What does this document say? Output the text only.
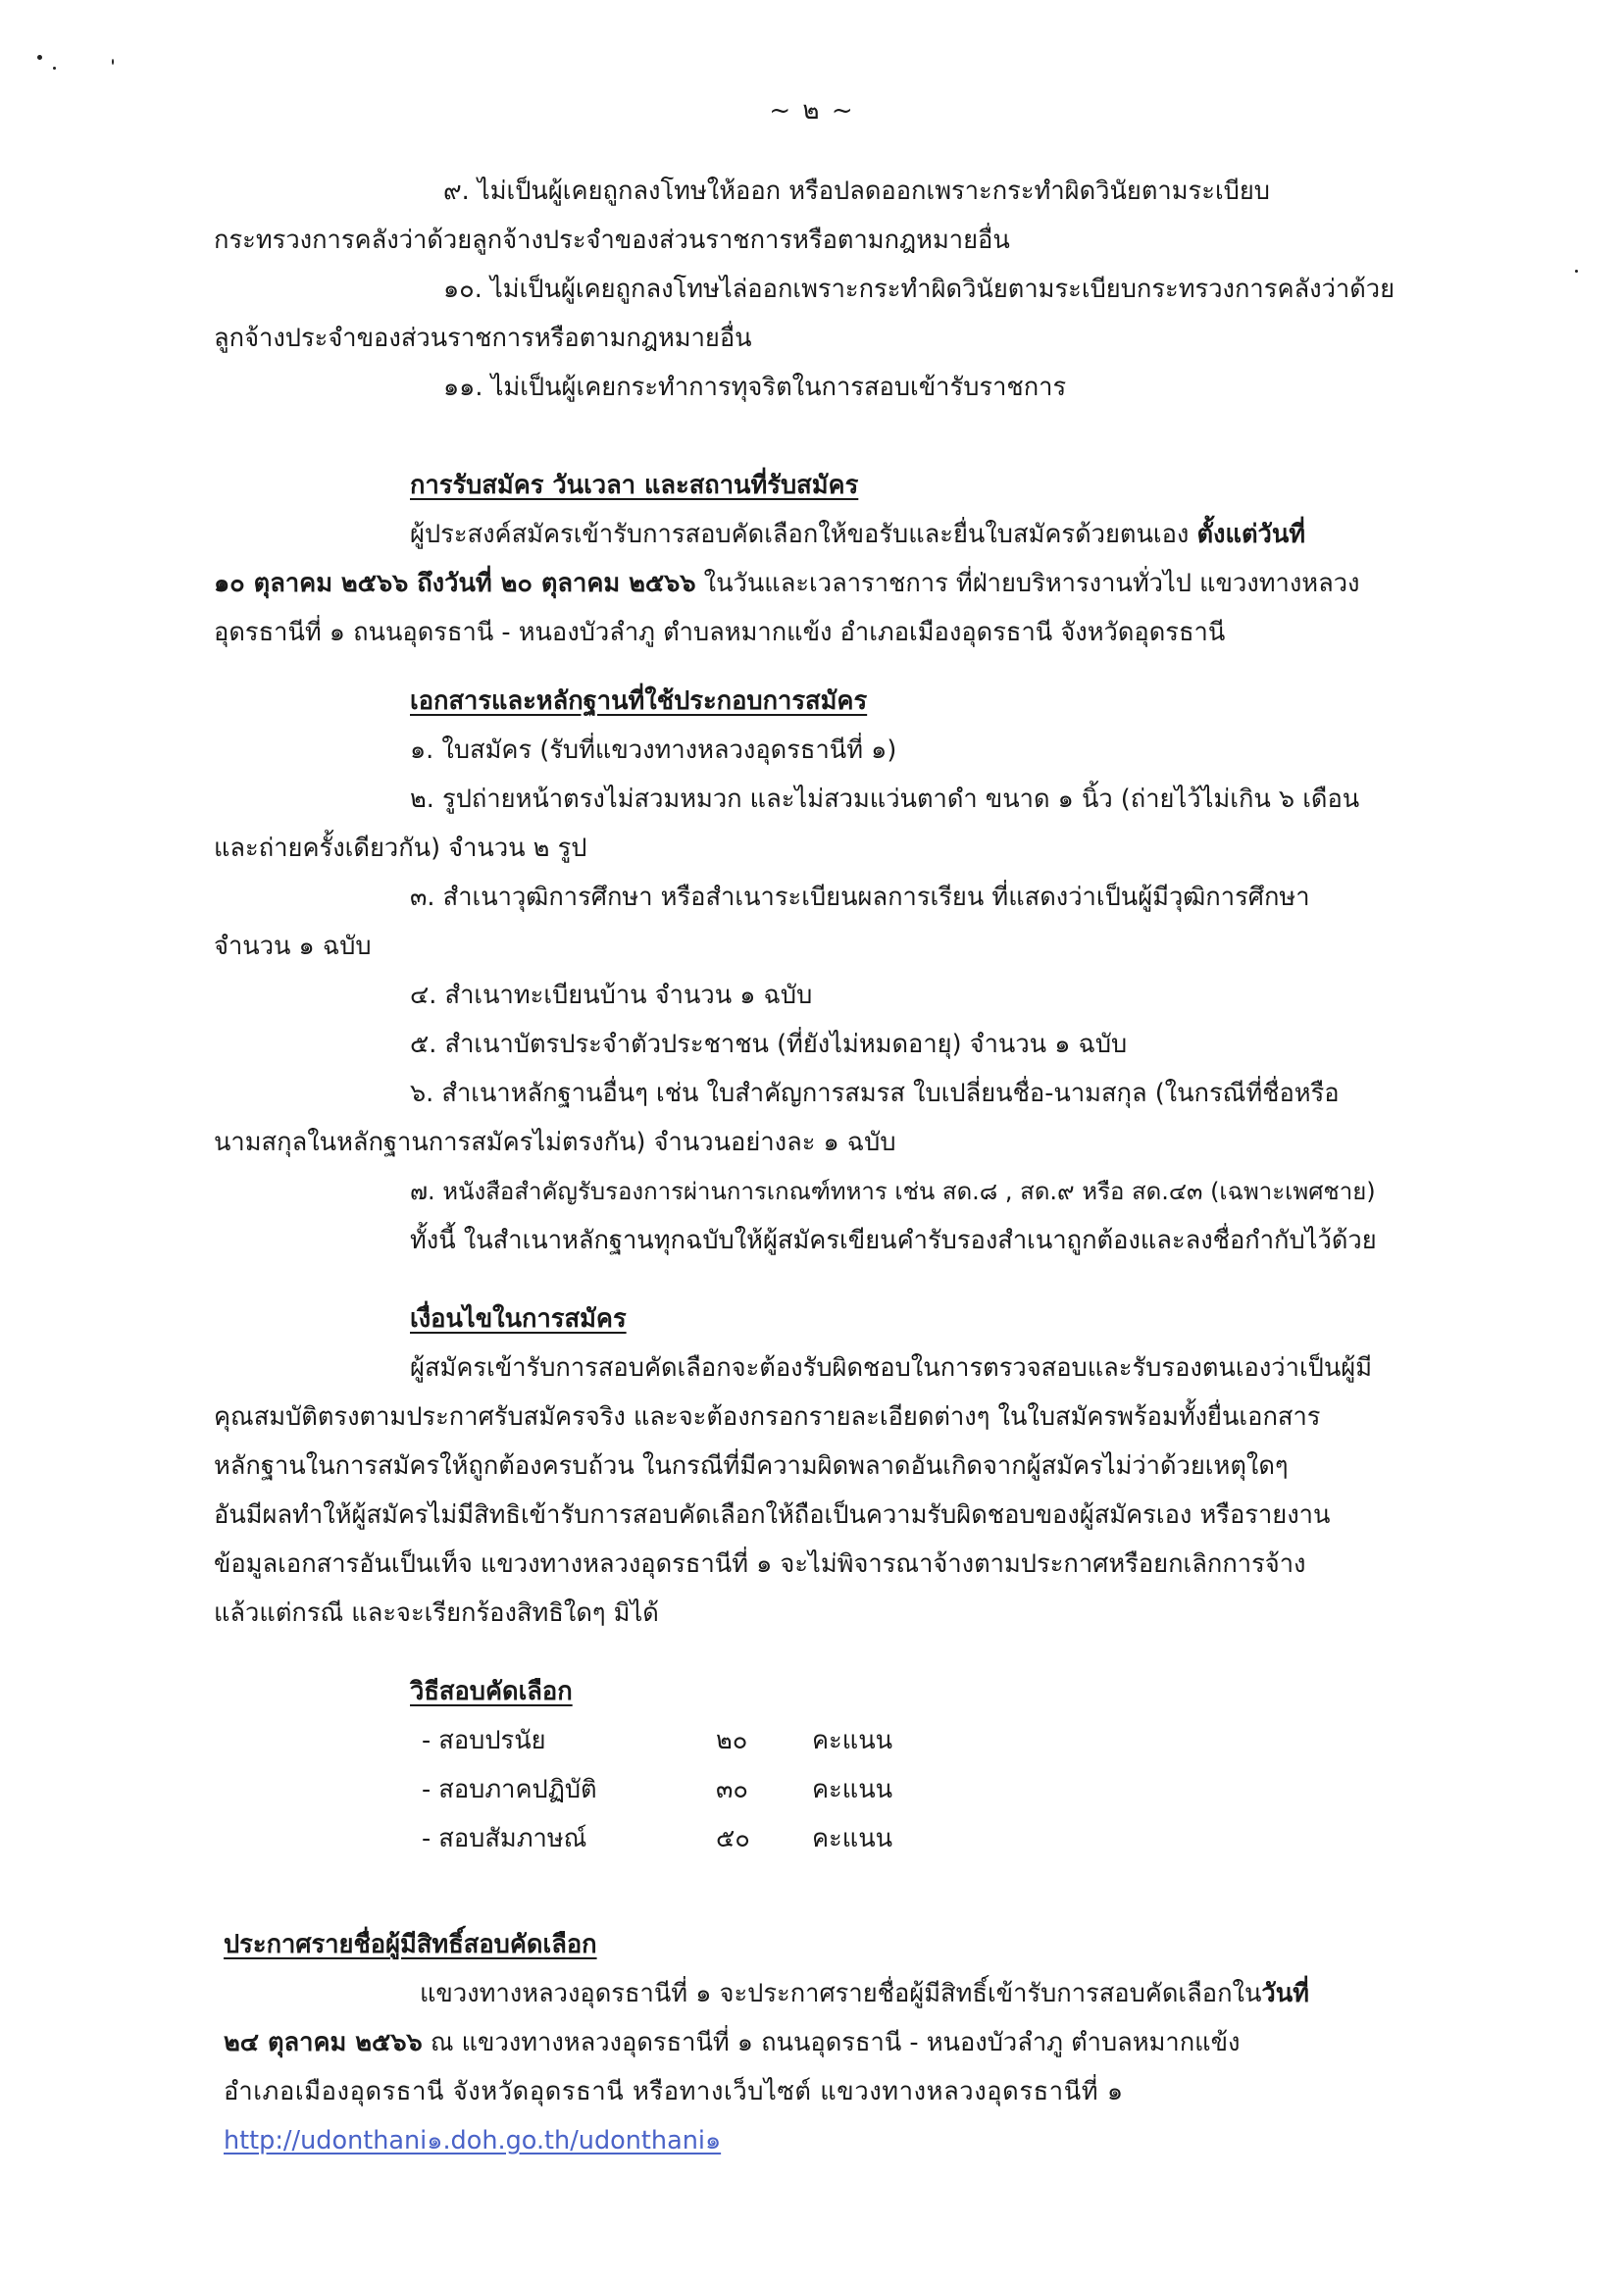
~ ๒ ~
๙. ไม่เป็นผู้เคยถูกลงโทษให้ออก หรือปลดออกเพราะกระทำผิดวินัยตามระเบียบ
กระทรวงการคลังว่าด้วยลูกจ้างประจำของส่วนราชการหรือตามกฎหมายอื่น
๑๐. ไม่เป็นผู้เคยถูกลงโทษไล่ออกเพราะกระทำผิดวินัยตามระเบียบกระทรวงการคลังว่าด้วย
ลูกจ้างประจำของส่วนราชการหรือตามกฎหมายอื่น
๑๑. ไม่เป็นผู้เคยกระทำการทุจริตในการสอบเข้ารับราชการ
การรับสมัคร วันเวลา และสถานที่รับสมัคร
ผู้ประสงค์สมัครเข้ารับการสอบคัดเลือกให้ขอรับและยื่นใบสมัครด้วยตนเอง ตั้งแต่วันที่
๑๐ ตุลาคม ๒๕๖๖ ถึงวันที่ ๒๐ ตุลาคม ๒๕๖๖ ในวันและเวลาราชการ ที่ฝ่ายบริหารงานทั่วไป แขวงทางหลวง
อุดรธานีที่ ๑ ถนนอุดรธานี - หนองบัวลำภู ตำบลหมากแข้ง อำเภอเมืองอุดรธานี จังหวัดอุดรธานี
เอกสารและหลักฐานที่ใช้ประกอบการสมัคร
๑. ใบสมัคร (รับที่แขวงทางหลวงอุดรธานีที่ ๑)
๒. รูปถ่ายหน้าตรงไม่สวมหมวก และไม่สวมแว่นตาดำ ขนาด ๑ นิ้ว (ถ่ายไว้ไม่เกิน ๖ เดือน
และถ่ายครั้งเดียวกัน) จำนวน ๒ รูป
๓. สำเนาวุฒิการศึกษา หรือสำเนาระเบียนผลการเรียน ที่แสดงว่าเป็นผู้มีวุฒิการศึกษา
จำนวน ๑ ฉบับ
๔. สำเนาทะเบียนบ้าน จำนวน ๑ ฉบับ
๕. สำเนาบัตรประจำตัวประชาชน (ที่ยังไม่หมดอายุ) จำนวน ๑ ฉบับ
๖. สำเนาหลักฐานอื่นๆ เช่น ใบสำคัญการสมรส ใบเปลี่ยนชื่อ-นามสกุล (ในกรณีที่ชื่อหรือ
นามสกุลในหลักฐานการสมัครไม่ตรงกัน) จำนวนอย่างละ ๑ ฉบับ
๗. หนังสือสำคัญรับรองการผ่านการเกณฑ์ทหาร เช่น สด.๘ , สด.๙ หรือ สด.๔๓ (เฉพาะเพศชาย)
ทั้งนี้ ในสำเนาหลักฐานทุกฉบับให้ผู้สมัครเขียนคำรับรองสำเนาถูกต้องและลงชื่อกำกับไว้ด้วย
เงื่อนไขในการสมัคร
ผู้สมัครเข้ารับการสอบคัดเลือกจะต้องรับผิดชอบในการตรวจสอบและรับรองตนเองว่าเป็นผู้มี
คุณสมบัติตรงตามประกาศรับสมัครจริง และจะต้องกรอกรายละเอียดต่างๆ ในใบสมัครพร้อมทั้งยื่นเอกสาร
หลักฐานในการสมัครให้ถูกต้องครบถ้วน ในกรณีที่มีความผิดพลาดอันเกิดจากผู้สมัครไม่ว่าด้วยเหตุใดๆ
อันมีผลทำให้ผู้สมัครไม่มีสิทธิเข้ารับการสอบคัดเลือกให้ถือเป็นความรับผิดชอบของผู้สมัครเอง หรือรายงาน
ข้อมูลเอกสารอันเป็นเท็จ แขวงทางหลวงอุดรธานีที่ ๑ จะไม่พิจารณาจ้างตามประกาศหรือยกเลิกการจ้าง
แล้วแต่กรณี และจะเรียกร้องสิทธิใดๆ มิได้
วิธีสอบคัดเลือก
- สอบปรนัย	๒๐	คะแนน
- สอบภาคปฏิบัติ	๓๐	คะแนน
- สอบสัมภาษณ์	๕๐ คะแนน
ประกาศรายชื่อผู้มีสิทธิ์สอบคัดเลือก
แขวงทางหลวงอุดรธานีที่ ๑ จะประกาศรายชื่อผู้มีสิทธิ์เข้ารับการสอบคัดเลือกในวันที่
๒๔ ตุลาคม ๒๕๖๖ ณ แขวงทางหลวงอุดรธานีที่ ๑ ถนนอุดรธานี - หนองบัวลำภู ตำบลหมากแข้ง
อำเภอเมืองอุดรธานี จังหวัดอุดรธานี หรือทางเว็บไซต์ แขวงทางหลวงอุดรธานีที่ ๑
http://udonthani๑.doh.go.th/udonthani๑
